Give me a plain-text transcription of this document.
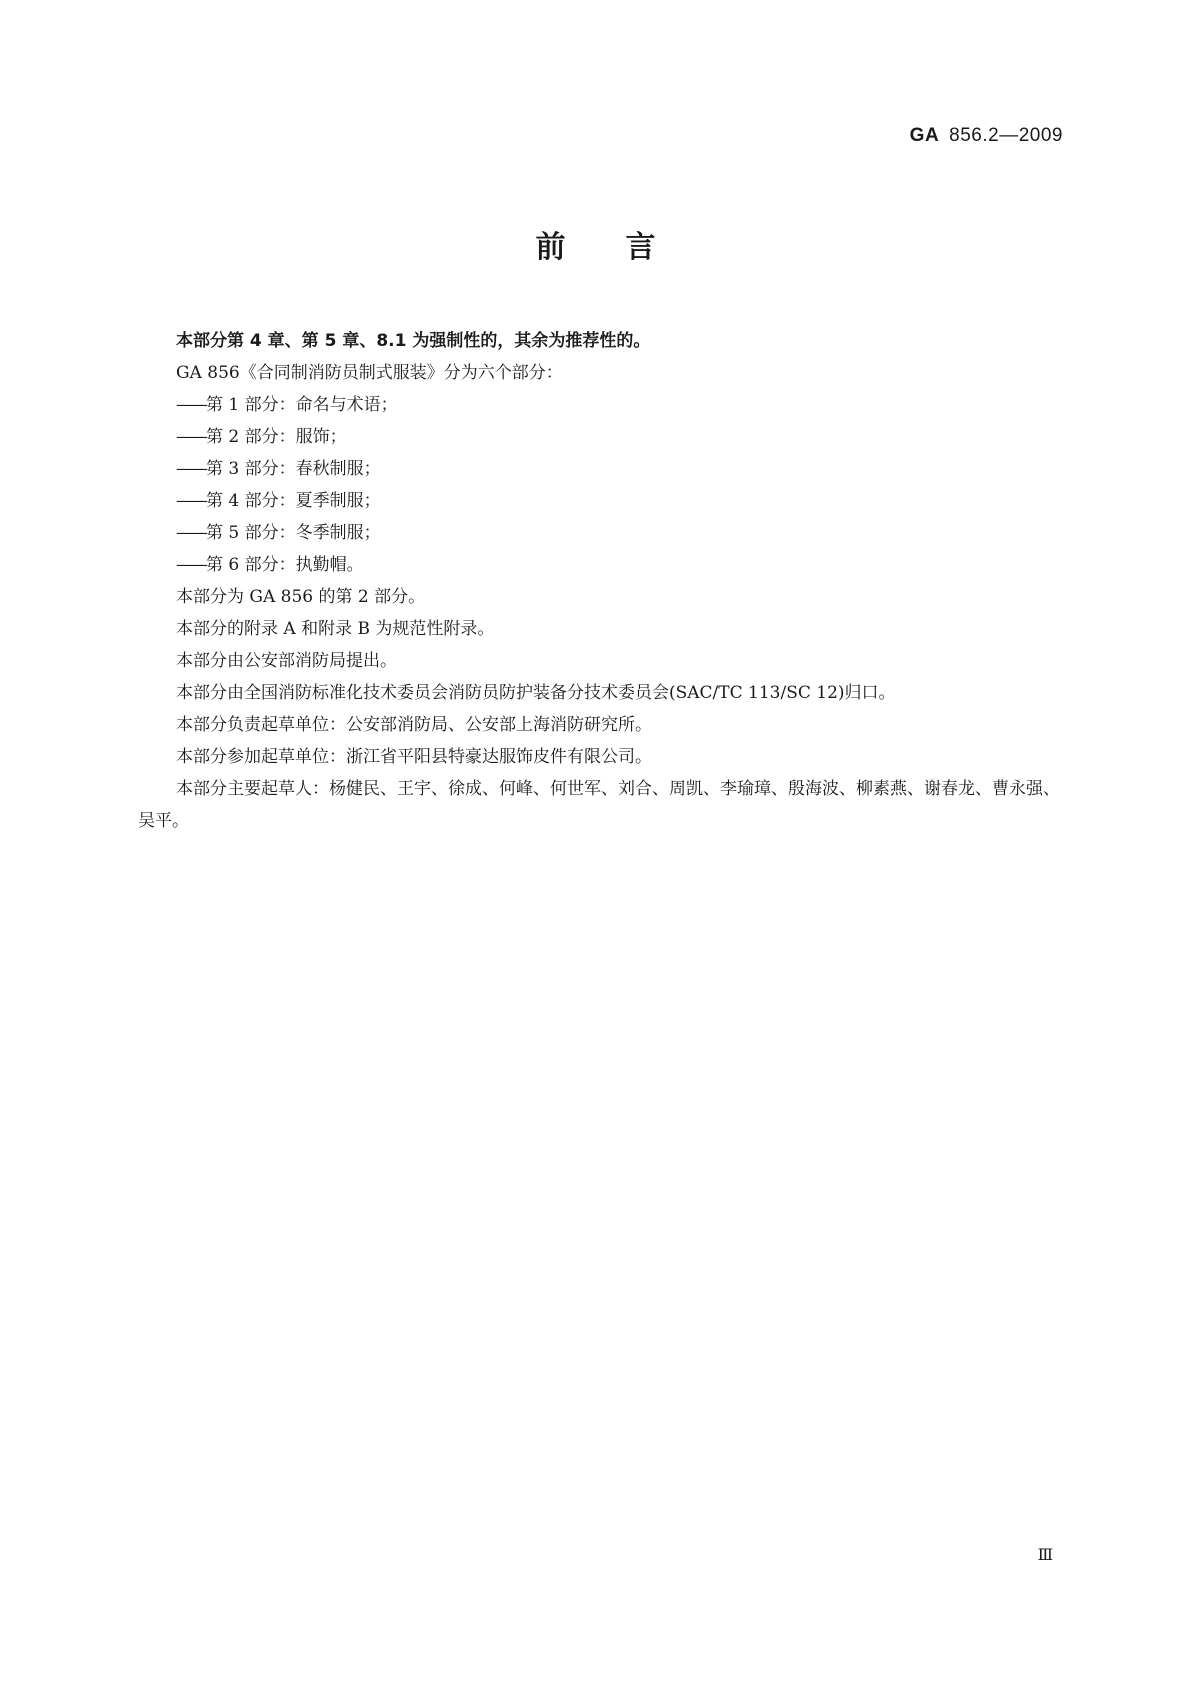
GA 856.2—2009
前言

本部分第 4 章、第 5 章、8.1 为强制性的，其余为推荐性的。

GA 856《合同制消防员制式服装》分为六个部分：

——第 1 部分：命名与术语；

——第 2 部分：服饰；

——第 3 部分：春秋制服；

——第 4 部分：夏季制服；

——第 5 部分：冬季制服；

——第 6 部分：执勤帽。

本部分为 GA 856 的第 2 部分。

本部分的附录 A 和附录 B 为规范性附录。

本部分由公安部消防局提出。

本部分由全国消防标准化技术委员会消防员防护装备分技术委员会(SAC/TC 113/SC 12)归口。

本部分负责起草单位：公安部消防局、公安部上海消防研究所。

本部分参加起草单位：浙江省平阳县特豪达服饰皮件有限公司。

本部分主要起草人：杨健民、王宇、徐成、何峰、何世军、刘合、周凯、李瑜璋、殷海波、柳素燕、谢春龙、曹永强、吴平。

Ⅲ
